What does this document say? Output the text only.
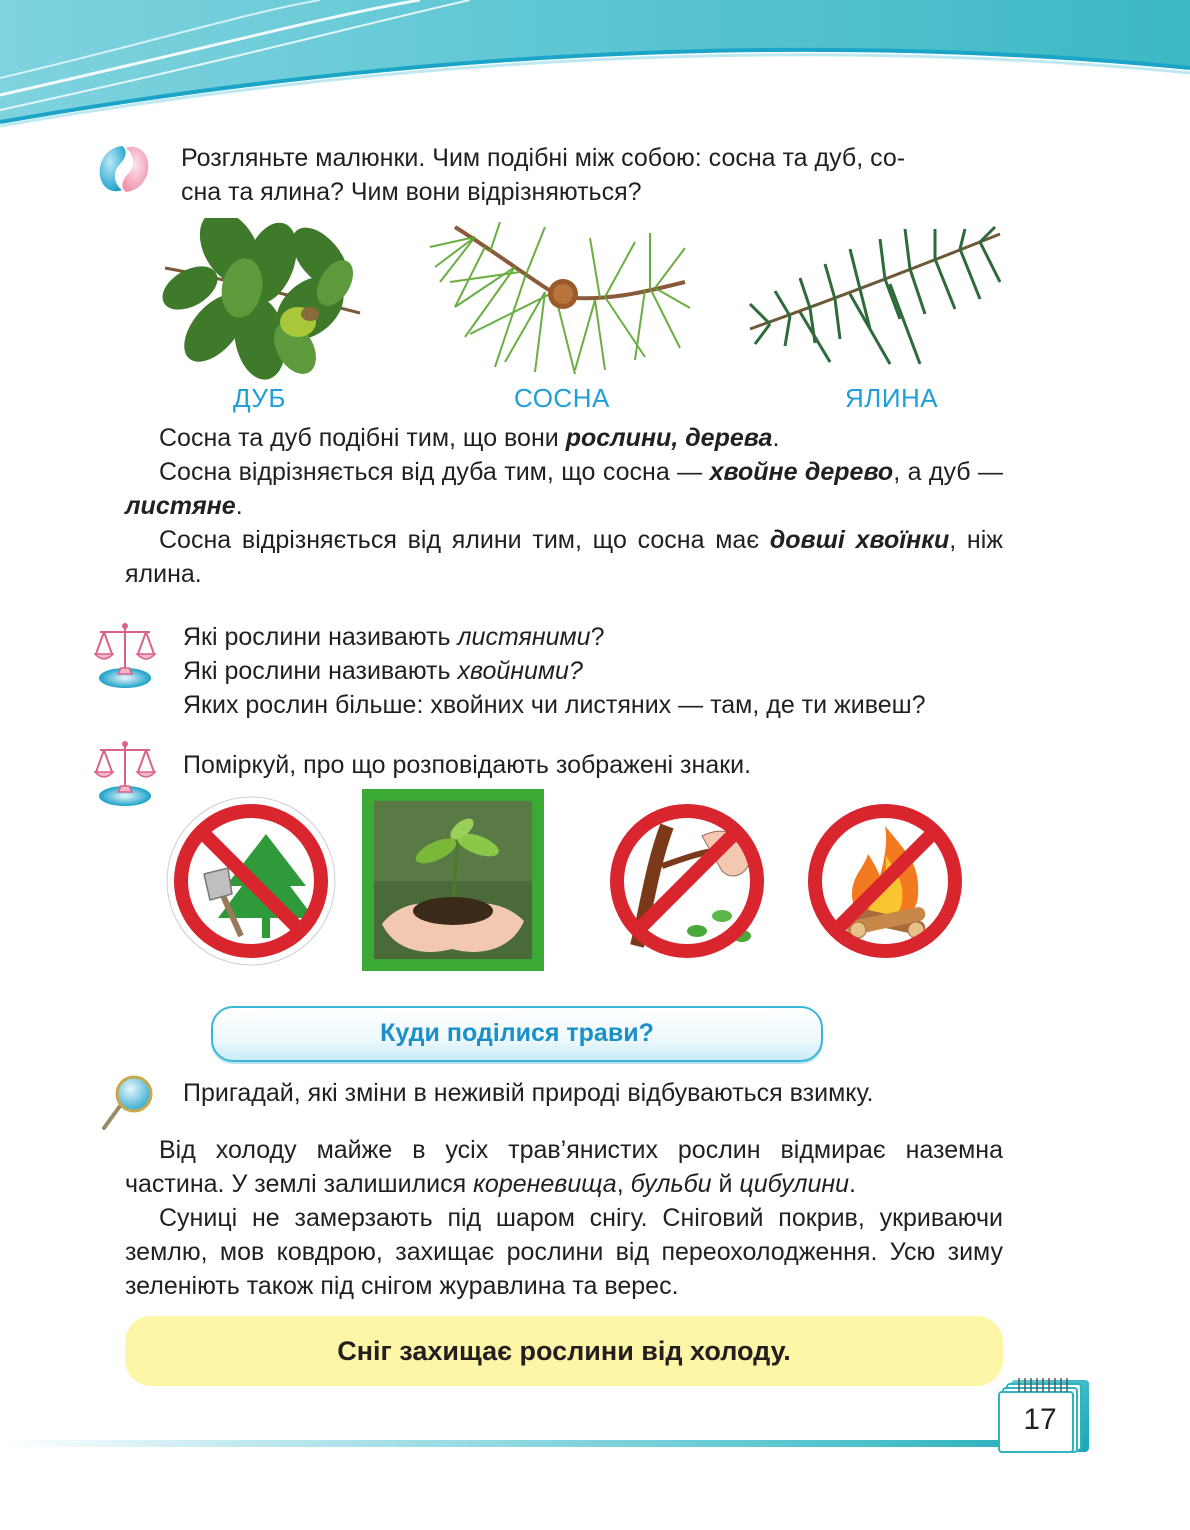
Розгляньте малюнки. Чим подібні між собою: сосна та дуб, со-
сна та ялина? Чим вони відрізняються?
ДУБ	СОСНА	ЯЛИНА
Сосна та дуб подібні тим, що вони рослини, дерева.
Сосна відрізняється від дуба тим, що сосна — хвойне дерево, а дуб — листяне.
Сосна відрізняється від ялини тим, що сосна має довші хвоїнки, ніж ялина.
Які рослини називають листяними?
Які рослини називають хвойними?
Яких рослин більше: хвойних чи листяних — там, де ти живеш?
Поміркуй, про що розповідають зображені знаки.
Куди поділися трави?
Пригадай, які зміни в неживій природі відбуваються взимку.
Від холоду майже в усіх трав’янистих рослин відмирає наземна частина. У землі залишилися кореневища, бульби й цибулини.
Суниці не замерзають під шаром снігу. Сніговий покрив, укриваючи землю, мов ковдрою, захищає рослини від переохолодження. Усю зиму зеленіють також під снігом журавлина та верес.
Сніг захищає рослини від холоду.
17
